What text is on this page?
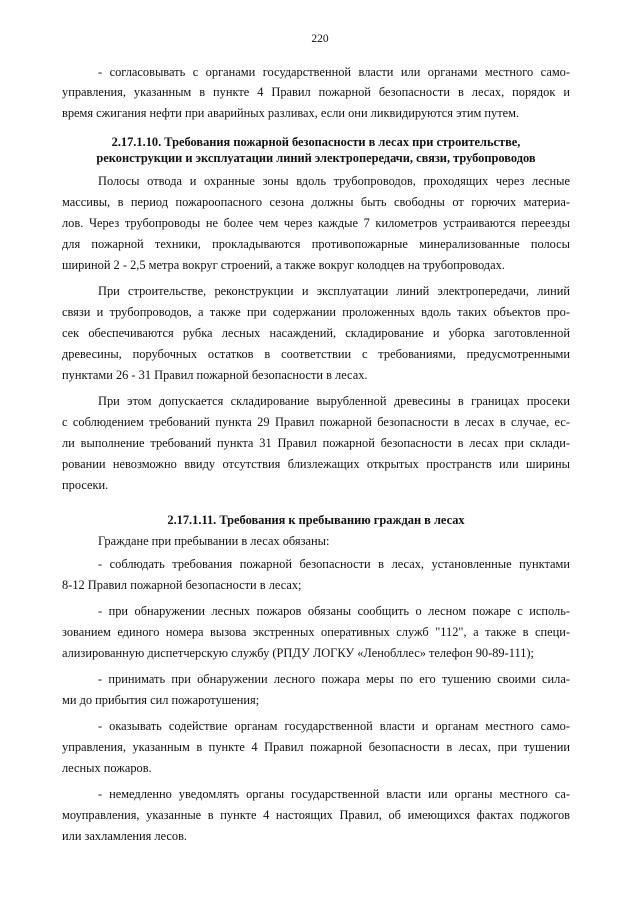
220
- согласовывать с органами государственной власти или органами местного само-
управления, указанным в пункте 4 Правил пожарной безопасности в лесах, порядок и
время сжигания нефти при аварийных разливах, если они ликвидируются этим путем.
2.17.1.10. Требования пожарной безопасности в лесах при строительстве,
реконструкции и эксплуатации линий электропередачи, связи, трубопроводов
Полосы отвода и охранные зоны вдоль трубопроводов, проходящих через лесные
массивы, в период пожароопасного сезона должны быть свободны от горючих материа-
лов. Через трубопроводы не более чем через каждые 7 километров устраиваются переезды
для пожарной техники, прокладываются противопожарные минерализованные полосы
шириной 2 - 2,5 метра вокруг строений, а также вокруг колодцев на трубопроводах.
При строительстве, реконструкции и эксплуатации линий электропередачи, линий
связи и трубопроводов, а также при содержании проложенных вдоль таких объектов про-
сек обеспечиваются рубка лесных насаждений, складирование и уборка заготовленной
древесины, порубочных остатков в соответствии с требованиями, предусмотренными
пунктами 26 - 31 Правил пожарной безопасности в лесах.
При этом допускается складирование вырубленной древесины в границах просеки
с соблюдением требований пункта 29 Правил пожарной безопасности в лесах в случае, ес-
ли выполнение требований пункта 31 Правил пожарной безопасности в лесах при склади-
ровании невозможно ввиду отсутствия близлежащих открытых пространств или ширины
просеки.
2.17.1.11. Требования к пребыванию граждан в лесах
Граждане при пребывании в лесах обязаны:
- соблюдать требования пожарной безопасности в лесах, установленные пунктами
8-12 Правил пожарной безопасности в лесах;
- при обнаружении лесных пожаров обязаны сообщить о лесном пожаре с исполь-
зованием единого номера вызова экстренных оперативных служб "112", а также в специ-
ализированную диспетчерскую службу (РПДУ ЛОГКУ «Ленобллес» телефон 90-89-111);
- принимать при обнаружении лесного пожара меры по его тушению своими сила-
ми до прибытия сил пожаротушения;
- оказывать содействие органам государственной власти и органам местного само-
управления, указанным в пункте 4 Правил пожарной безопасности в лесах, при тушении
лесных пожаров.
- немедленно уведомлять органы государственной власти или органы местного са-
моуправления, указанные в пункте 4 настоящих Правил, об имеющихся фактах поджогов
или захламления лесов.
